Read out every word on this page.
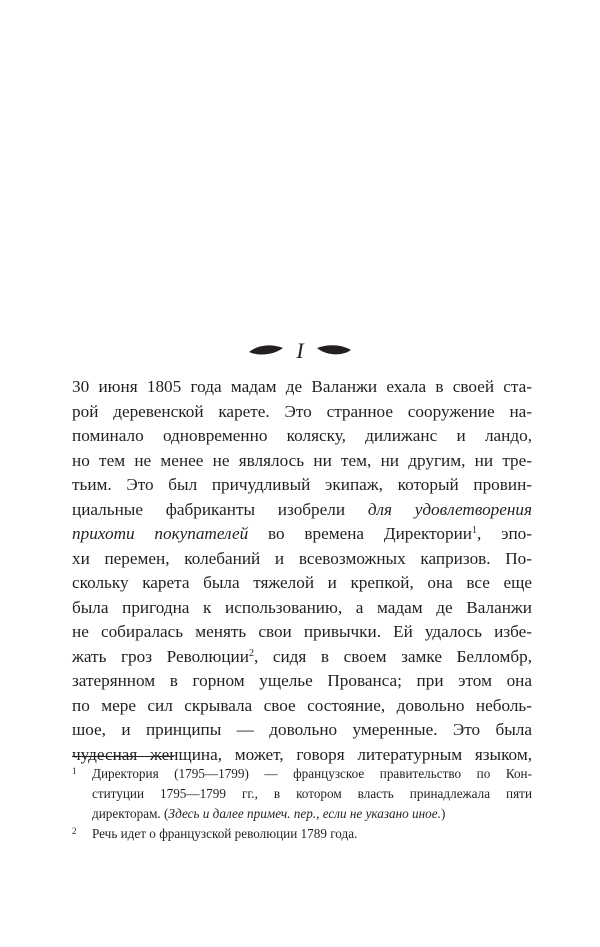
I
30 июня 1805 года мадам де Валанжи ехала в своей ста-
рой деревенской карете. Это странное сооружение на-
поминало одновременно коляску, дилижанс и ландо,
но тем не менее не являлось ни тем, ни другим, ни тре-
тьим. Это был причудливый экипаж, который провин-
циальные фабриканты изобрели для удовлетворения
прихоти покупателей во времена Директории$^1$, эпо-
хи перемен, колебаний и всевозможных капризов. По-
скольку карета была тяжелой и крепкой, она все еще
была пригодна к использованию, а мадам де Валанжи
не собиралась менять свои привычки. Ей удалось избе-
жать гроз Революции$^2$, сидя в своем замке Белломбр,
затерянном в горном ущелье Прованса; при этом она
по мере сил скрывала свое состояние, довольно неболь-
шое, и принципы — довольно умеренные. Это была
чудесная женщина, может, говоря литературным языком,
1 Директория (1795—1799) — французское правительство по Кон-
ституции 1795—1799 гг., в котором власть принадлежала пяти
директорам. (Здесь и далее примеч. пер., если не указано иное.)
2 Речь идет о французской революции 1789 года.
